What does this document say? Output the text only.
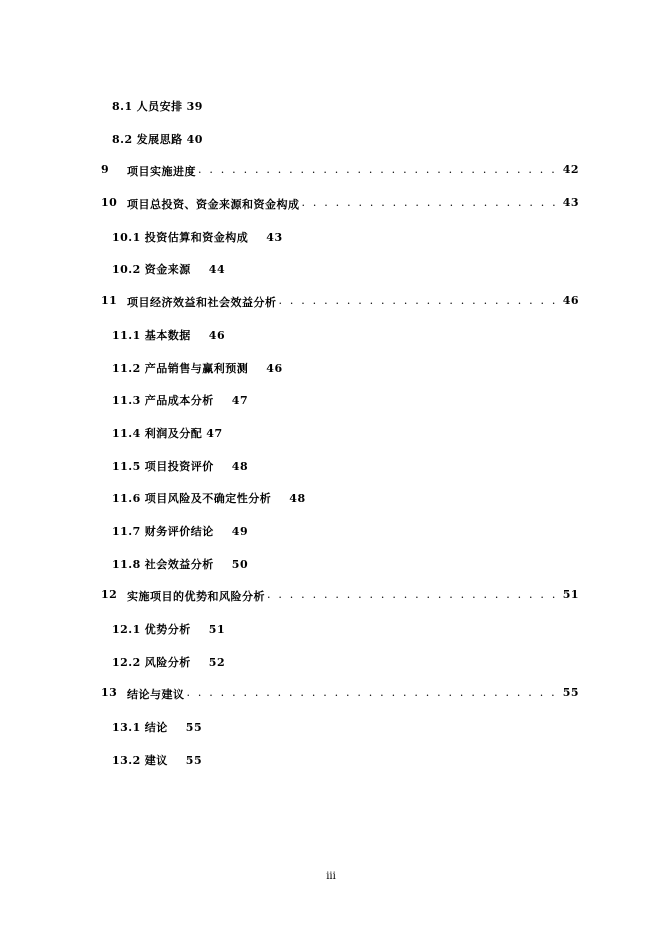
8.1 人员安排 39
8.2 发展思路 40
9	项目实施进度 . . .	42
10 项目总投资、资金来源和资金构成 . . .	43
10.1 投资估算和资金构成 43
10.2 资金来源 44
11 项目经济效益和社会效益分析 . . .	46
11.1 基本数据 46
11.2 产品销售与赢利预测 46
11.3 产品成本分析 47
11.4 利润及分配 47
11.5 项目投资评价 48
11.6 项目风险及不确定性分析 48
11.7 财务评价结论 49
11.8 社会效益分析 50
12 实施项目的优势和风险分析 . . .	51
12.1 优势分析 51
12.2 风险分析 52
13 结论与建议 . . .	55
13.1 结论 55
13.2 建议 55
iii
